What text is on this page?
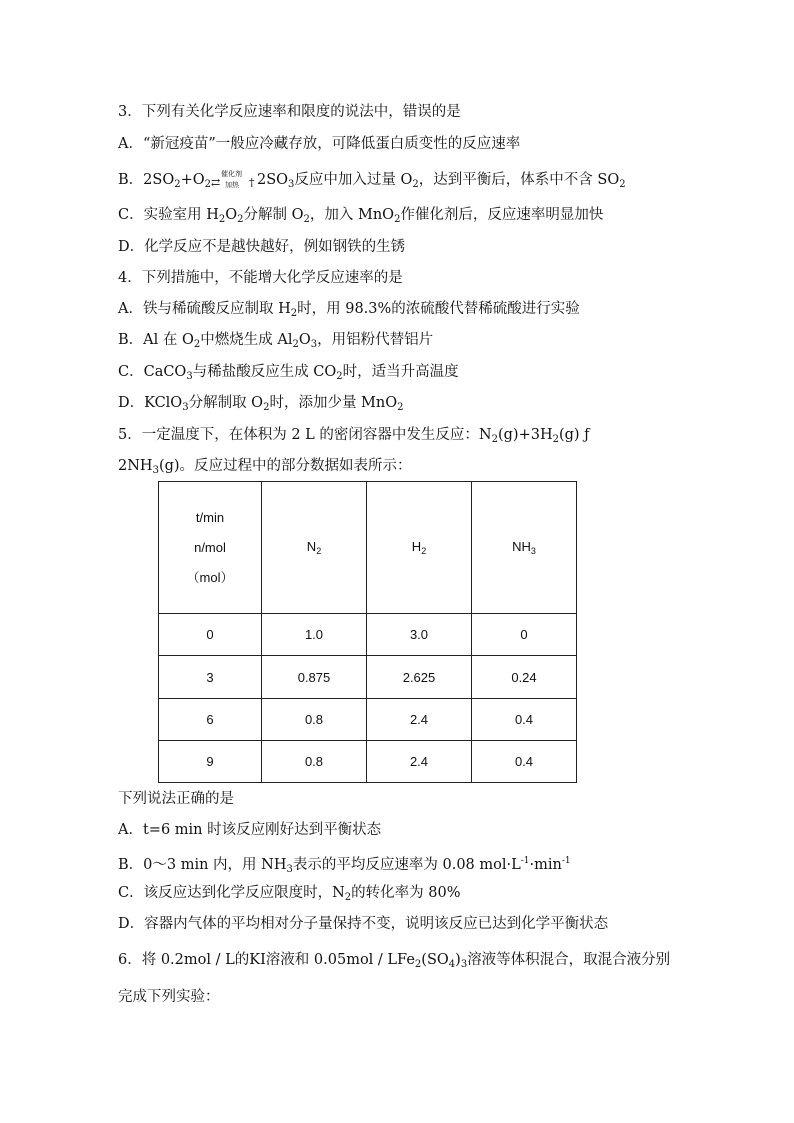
3．下列有关化学反应速率和限度的说法中，错误的是
A．“新冠疫苗”一般应冷藏存放，可降低蛋白质变性的反应速率
B．$2SO_2+O_2$ ⇄
催化剂
加热 † $2SO_3$反应中加入过量 $O_2$，达到平衡后，体系中不含 $SO_2$
C．实验室用 $H_2O_2$分解制 $O_2$，加入 MnO$_2$作催化剂后，反应速率明显加快
D．化学反应不是越快越好，例如钢铁的生锈
4．下列措施中，不能增大化学反应速率的是
A．铁与稀硫酸反应制取 $H_2$时，用 98.3%的浓硫酸代替稀硫酸进行实验
B．Al 在 $O_2$中燃烧生成 $Al_2O_3$，用铝粉代替铝片
C．CaCO$_3$与稀盐酸反应生成 $CO_2$时，适当升高温度
D．KClO$_3$分解制取 $O_2$时，添加少量 MnO$_2$
5．一定温度下，在体积为 2 L 的密闭容器中发生反应：$N_2(g)+3H_2(g)$ ƒ
$2NH_3(g)$。反应过程中的部分数据如表所示：
t/min
n/mol
（mol）	$N_2$	$H_2$	$NH_3$
0	1.0	3.0	0
3	0.875	2.625	0.24
6	0.8	2.4	0.4
9	0.8	2.4	0.4
下列说法正确的是
A．t=6 min 时该反应刚好达到平衡状态
B．0～3 min 内，用 $NH_3$表示的平均反应速率为 0.08 $mol\cdot L^{-1}\cdot\min^{-1}$
C．该反应达到化学反应限度时，$N_2$的转化率为 80%
D．容器内气体的平均相对分子量保持不变，说明该反应已达到化学平衡状态
6．将 0.2mol / L的KI溶液和 $0.05mol / LFe_2(SO_4)_3$溶液等体积混合，取混合液分别
完成下列实验：
